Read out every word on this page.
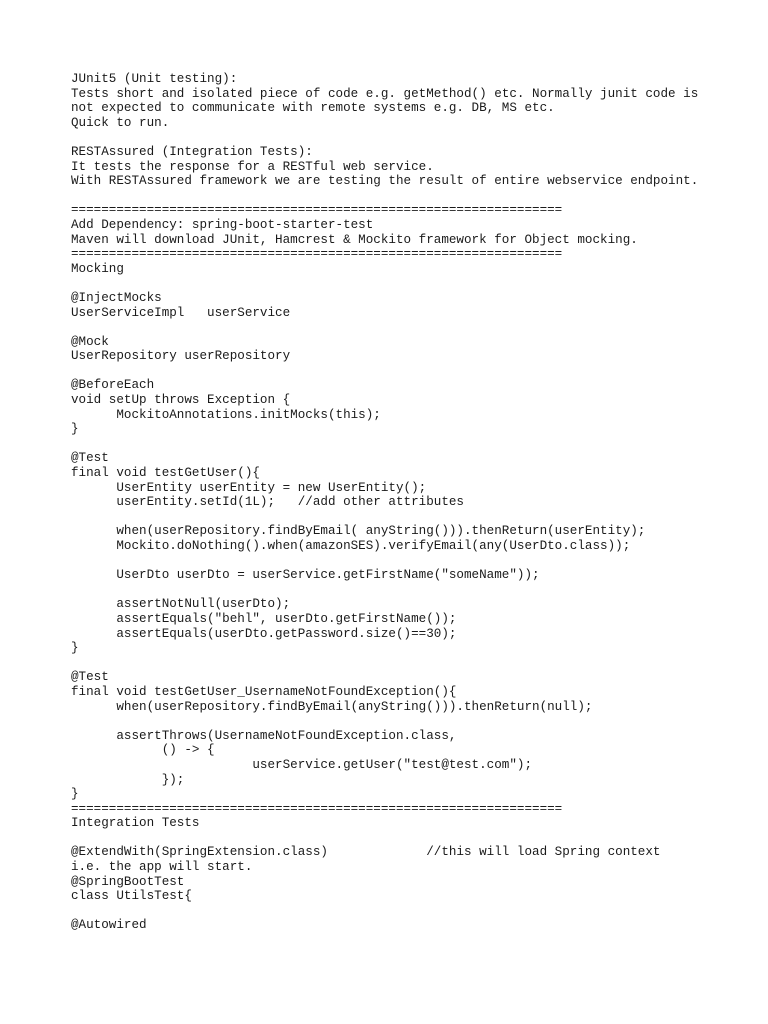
JUnit5 (Unit testing):
Tests short and isolated piece of code e.g. getMethod() etc. Normally junit code is
not expected to communicate with remote systems e.g. DB, MS etc.
Quick to run.
RESTAssured (Integration Tests):
It tests the response for a RESTful web service.
With RESTAssured framework we are testing the result of entire webservice endpoint.
=================================================================
Add Dependency: spring-boot-starter-test
Maven will download JUnit, Hamcrest & Mockito framework for Object mocking.
=================================================================
Mocking
@InjectMocks
UserServiceImpl   userService
@Mock
UserRepository userRepository
@BeforeEach
void setUp throws Exception {
MockitoAnnotations.initMocks(this);
}
@Test
final void testGetUser(){
UserEntity userEntity = new UserEntity();
userEntity.setId(1L);   //add other attributes
when(userRepository.findByEmail( anyString())).thenReturn(userEntity);
Mockito.doNothing().when(amazonSES).verifyEmail(any(UserDto.class));
UserDto userDto = userService.getFirstName("someName"));
assertNotNull(userDto);
assertEquals("behl", userDto.getFirstName());
assertEquals(userDto.getPassword.size()==30);
}
@Test
final void testGetUser_UsernameNotFoundException(){
when(userRepository.findByEmail(anyString())).thenReturn(null);
assertThrows(UsernameNotFoundException.class,
() -> {
userService.getUser("test@test.com");
});
}
=================================================================
Integration Tests
@ExtendWith(SpringExtension.class)             //this will load Spring context
i.e. the app will start.
@SpringBootTest
class UtilsTest{
@Autowired
